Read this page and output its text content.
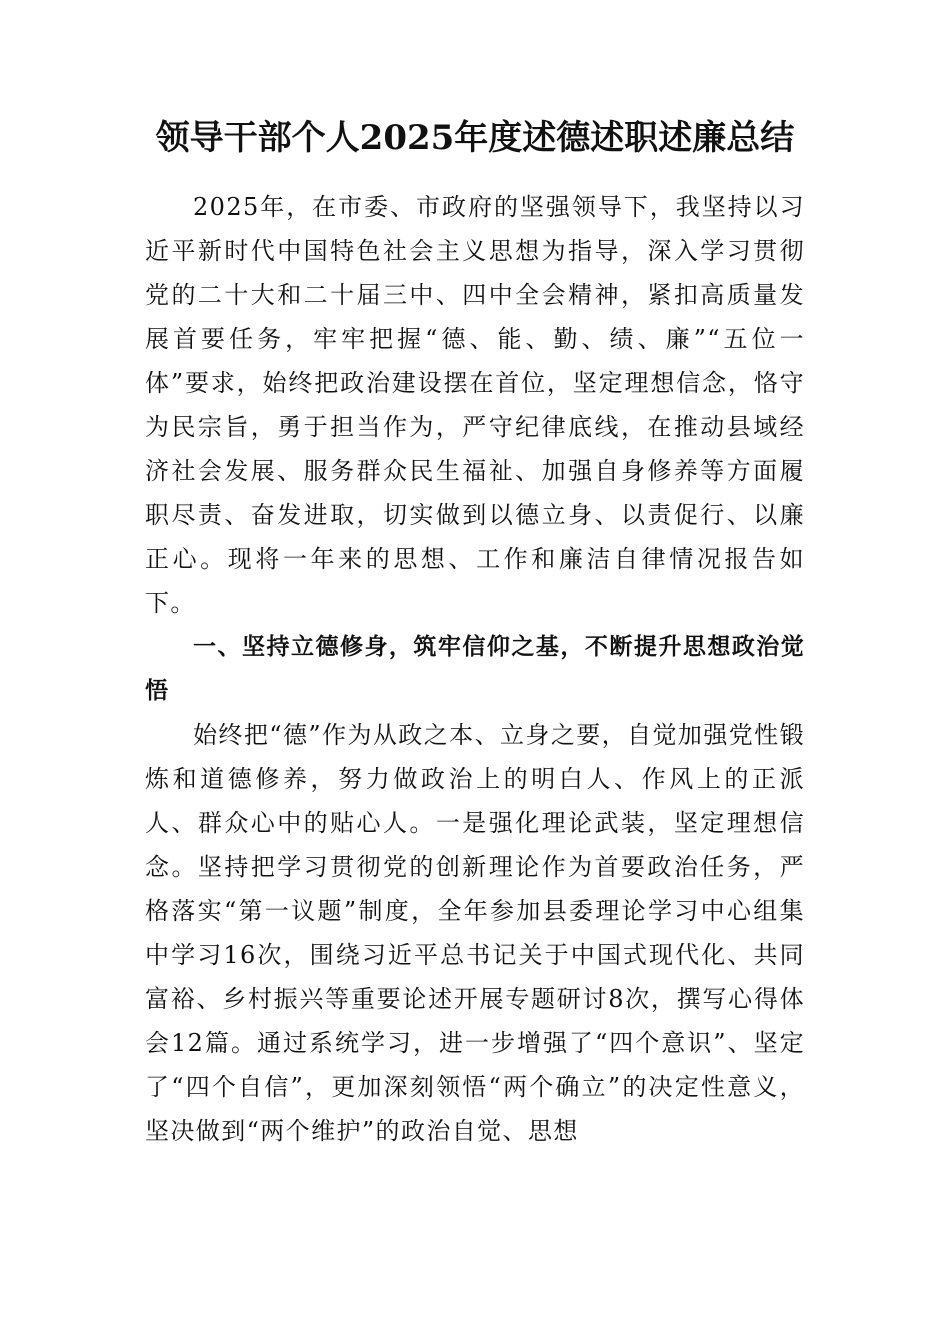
领导干部个人2025年度述德述职述廉总结

2025年，在市委、市政府的坚强领导下，我坚持以习近平新时代中国特色社会主义思想为指导，深入学习贯彻党的二十大和二十届三中、四中全会精神，紧扣高质量发展首要任务，牢牢把握“德、能、勤、绩、廉”“五位一体”要求，始终把政治建设摆在首位，坚定理想信念，恪守为民宗旨，勇于担当作为，严守纪律底线，在推动县域经济社会发展、服务群众民生福祉、加强自身修养等方面履职尽责、奋发进取，切实做到以德立身、以责促行、以廉正心。现将一年来的思想、工作和廉洁自律情况报告如下。

一、坚持立德修身，筑牢信仰之基，不断提升思想政治觉悟

始终把“德”作为从政之本、立身之要，自觉加强党性锻炼和道德修养，努力做政治上的明白人、作风上的正派人、群众心中的贴心人。一是强化理论武装，坚定理想信念。坚持把学习贯彻党的创新理论作为首要政治任务，严格落实“第一议题”制度，全年参加县委理论学习中心组集中学习16次，围绕习近平总书记关于中国式现代化、共同富裕、乡村振兴等重要论述开展专题研讨8次，撰写心得体会12篇。通过系统学习，进一步增强了“四个意识”、坚定了“四个自信”，更加深刻领悟“两个确立”的决定性意义，坚决做到“两个维护”的政治自觉、思想
